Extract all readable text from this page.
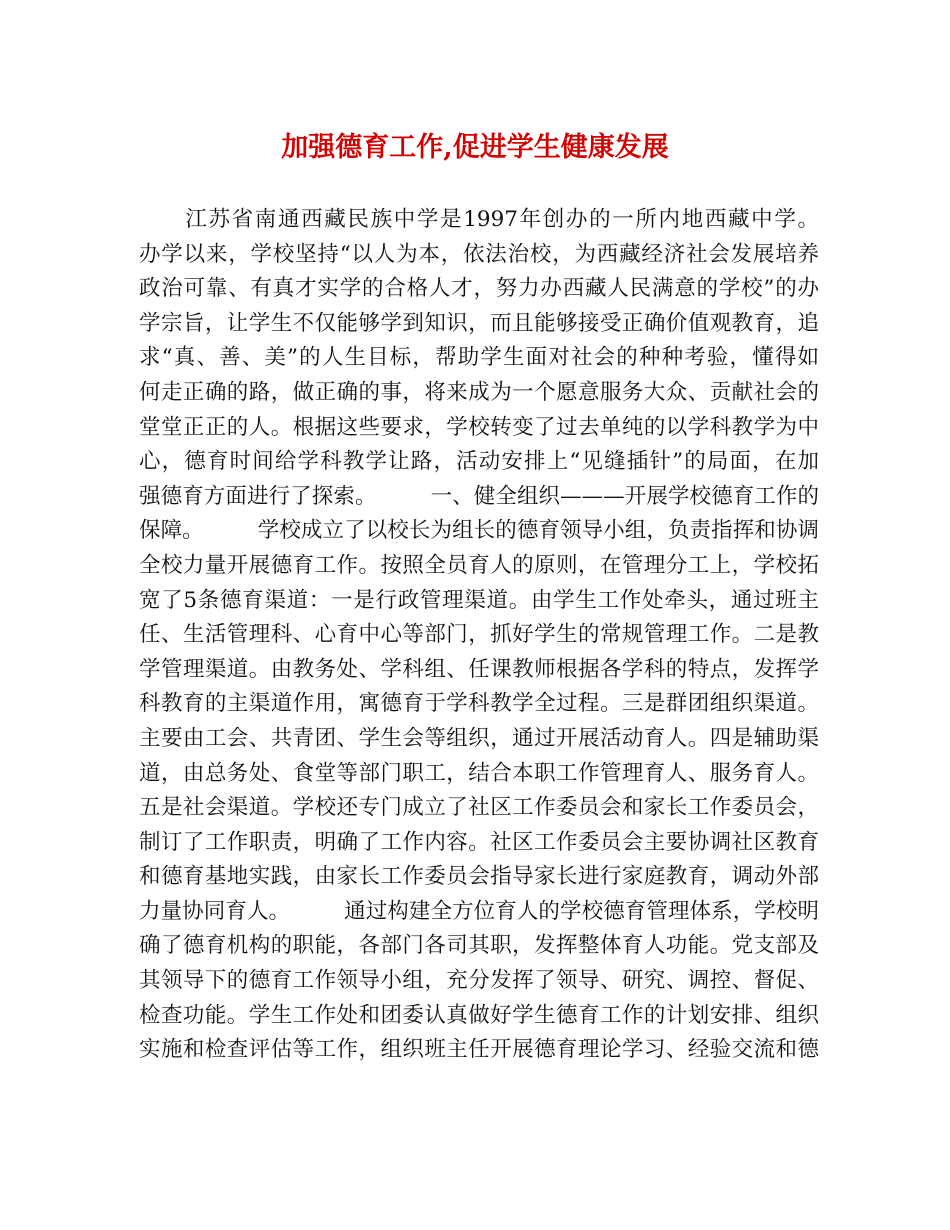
加强德育工作,促进学生健康发展
　　江苏省南通西藏民族中学是1997年创办的一所内地西藏中学。
办学以来，学校坚持“以人为本，依法治校，为西藏经济社会发展培养
政治可靠、有真才实学的合格人才，努力办西藏人民满意的学校”的办
学宗旨，让学生不仅能够学到知识，而且能够接受正确价值观教育，追
求“真、善、美”的人生目标，帮助学生面对社会的种种考验，懂得如
何走正确的路，做正确的事，将来成为一个愿意服务大众、贡献社会的
堂堂正正的人。根据这些要求，学校转变了过去单纯的以学科教学为中
心，德育时间给学科教学让路，活动安排上“见缝插针”的局面，在加
强德育方面进行了探索。　　　一、健全组织———开展学校德育工作的
保障。　　　学校成立了以校长为组长的德育领导小组，负责指挥和协调
全校力量开展德育工作。按照全员育人的原则，在管理分工上，学校拓
宽了5条德育渠道：一是行政管理渠道。由学生工作处牵头，通过班主
任、生活管理科、心育中心等部门，抓好学生的常规管理工作。二是教
学管理渠道。由教务处、学科组、任课教师根据各学科的特点，发挥学
科教育的主渠道作用，寓德育于学科教学全过程。三是群团组织渠道。
主要由工会、共青团、学生会等组织，通过开展活动育人。四是辅助渠
道，由总务处、食堂等部门职工，结合本职工作管理育人、服务育人。
五是社会渠道。学校还专门成立了社区工作委员会和家长工作委员会，
制订了工作职责，明确了工作内容。社区工作委员会主要协调社区教育
和德育基地实践，由家长工作委员会指导家长进行家庭教育，调动外部
力量协同育人。　　　通过构建全方位育人的学校德育管理体系，学校明
确了德育机构的职能，各部门各司其职，发挥整体育人功能。党支部及
其领导下的德育工作领导小组，充分发挥了领导、研究、调控、督促、
检查功能。学生工作处和团委认真做好学生德育工作的计划安排、组织
实施和检查评估等工作，组织班主任开展德育理论学习、经验交流和德
